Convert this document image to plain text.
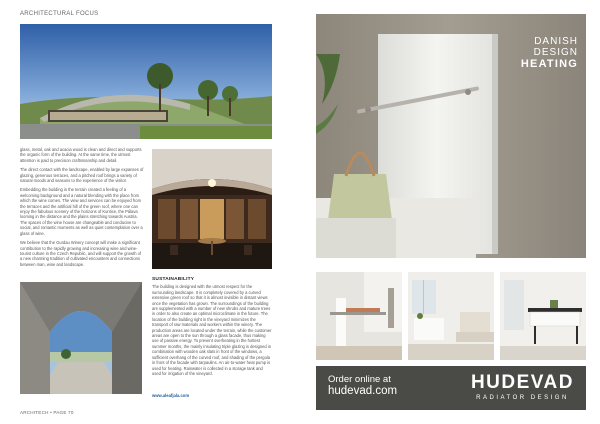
ARCHITECTURAL FOCUS

glass, metal, oak and acacia wood is clean and direct and supports the organic form of the building. At the same time, the utmost attention is paid to precision craftsmanship and detail.

The direct contact with the landscape, enabled by large expanses of glazing, generous terraces, and a pitched roof brings a variety of natural moods and seasons to the experience of the visitor.

Embedding the building in the terrain created a feeling of a welcoming background and a natural blending with the place from which the wine comes. The view and services can be enjoyed from the terraces and the artificial hill of the green roof, where one can enjoy the fabulous scenery of the horizons of Kuntice, the Pálava looming in the distance and the plains stretching towards Austria. The spaces of the wine house are changeable and conducive to social, and romantic moments as well as quiet contemplation over a glass of wine.

We believe that the Gurdau Winery concept will make a significant contribution to the rapidly growing and increasing wine and wine-tourist culture in the Czech Republic, and will support the growth of a new charming tradition of cultivated encounters and connections between man, wine and landscape.

SUSTAINABILITY

The building is designed with the utmost respect for the surrounding landscape. It is completely covered by a curved extensive green roof so that it is almost invisible in distant views once the vegetation has grown. The surroundings of the building are supplemented with a number of new shrubs and mature trees in order to also create an optimal microclimate in the future. The location of the building right in the vineyard minimizes the transport of raw materials and workers within the winery. The production areas are located under the terrain, while the customer areas are open to the sun through a glass facade, thus making use of passive energy. To prevent overheating in the hottest summer months, the mainly insulating triple glazing is designed in combination with wooden oak slats in front of the windows, a sufficient overhang of the curved roof, and shading of the pergola in front of the facade with tarpaulins. An air-to-water heat pump is used for heating. Rainwater is collected in a storage tank and used for irrigation of the vineyard.

www.aleafjala.com
ARCHITECH • PAGE 70
DANISH
DESIGN
HEATING
Order online at
hudevad.com	HUDEVAD
RADIATOR DESIGN
